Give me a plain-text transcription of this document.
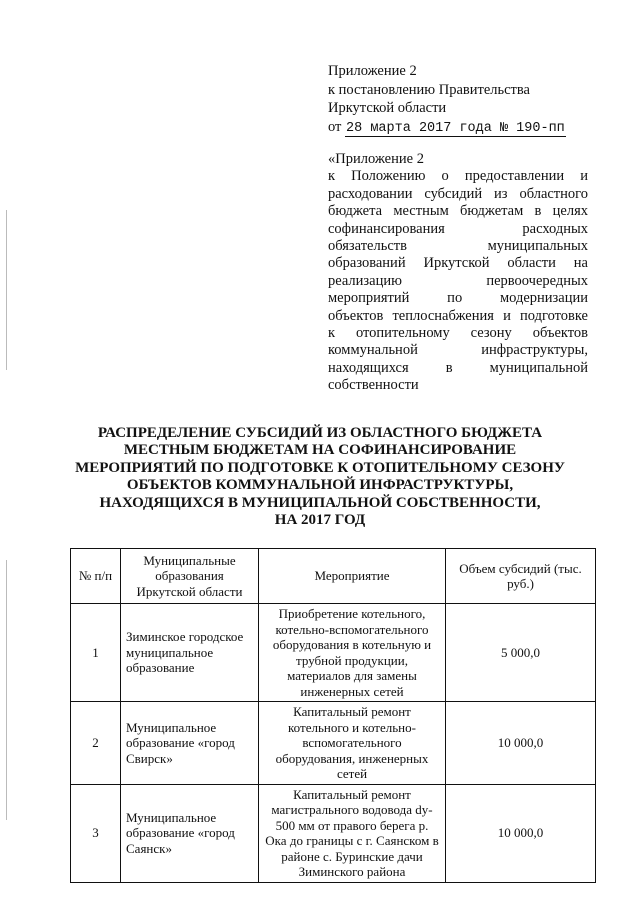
Приложение 2
к постановлению Правительства
Иркутской области
от 28 марта 2017 года № 190-пп
«Приложение 2
к Положению о предоставлении и
расходовании субсидий из областного
бюджета местным бюджетам в целях
софинансирования расходных
обязательств муниципальных
образований Иркутской области на
реализацию первоочередных
мероприятий по модернизации
объектов теплоснабжения и подготовке
к отопительному сезону объектов
коммунальной инфраструктуры,
находящихся в муниципальной
собственности
РАСПРЕДЕЛЕНИЕ СУБСИДИЙ ИЗ ОБЛАСТНОГО БЮДЖЕТА
МЕСТНЫМ БЮДЖЕТАМ НА СОФИНАНСИРОВАНИЕ
МЕРОПРИЯТИЙ ПО ПОДГОТОВКЕ К ОТОПИТЕЛЬНОМУ СЕЗОНУ
ОБЪЕКТОВ КОММУНАЛЬНОЙ ИНФРАСТРУКТУРЫ,
НАХОДЯЩИХСЯ В МУНИЦИПАЛЬНОЙ СОБСТВЕННОСТИ,
НА 2017 ГОД
№ п/п	Муниципальные образования Иркутской области	Мероприятие	Объем субсидий (тыс. руб.)
1	Зиминское городское муниципальное образование	Приобретение котельного, котельно-вспомогательного оборудования в котельную и трубной продукции, материалов для замены инженерных сетей	5 000,0
2	Муниципальное образование «город Свирск»	Капитальный ремонт котельного и котельно-вспомогательного оборудования, инженерных сетей	10 000,0
3	Муниципальное образование «город Саянск»	Капитальный ремонт магистрального водовода dy-500 мм от правого берега р. Ока до границы с г. Саянском в районе с. Буринские дачи Зиминского района	10 000,0
